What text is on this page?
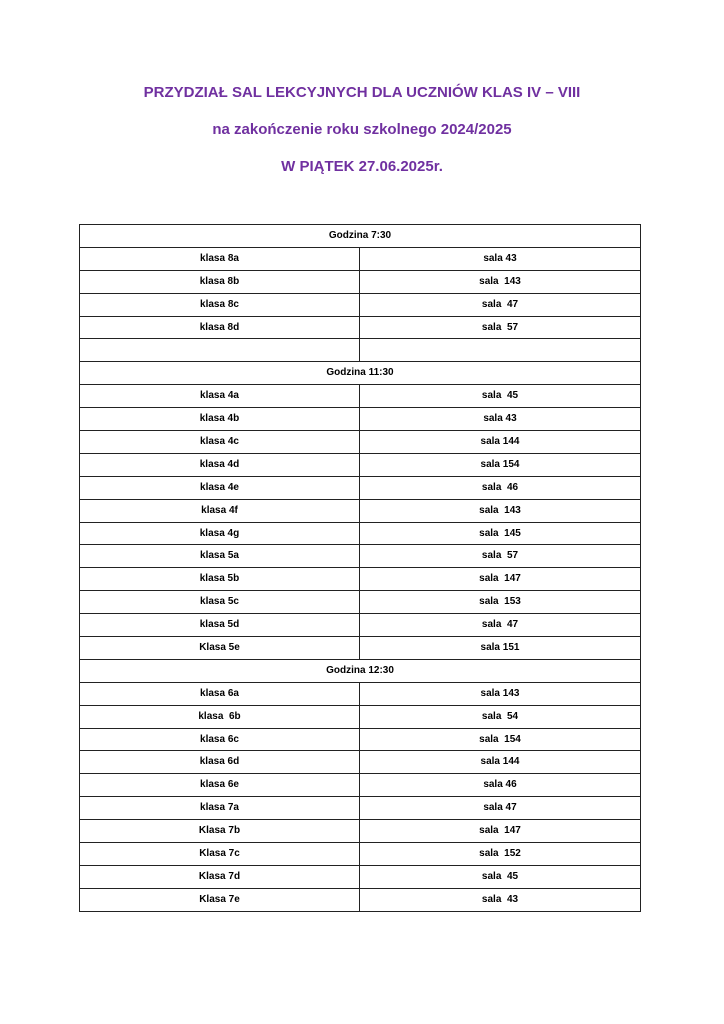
PRZYDZIAŁ SAL LEKCYJNYCH DLA UCZNIÓW KLAS IV – VIII
na zakończenie roku szkolnego 2024/2025
W PIĄTEK 27.06.2025r.
Godzina 7:30	
klasa 8a	sala 43
klasa 8b	sala  143
klasa 8c	sala  47
klasa 8d	sala  57

Godzina 11:30	
klasa 4a	sala  45
klasa 4b	sala 43
klasa 4c	sala 144
klasa 4d	sala 154
klasa 4e	sala  46
klasa 4f	sala  143
klasa 4g	sala  145
klasa 5a	sala  57
klasa 5b	sala  147
klasa 5c	sala  153
klasa 5d	sala  47
Klasa 5e	sala 151
Godzina 12:30	
klasa 6a	sala 143
klasa  6b	sala  54
klasa 6c	sala  154
klasa 6d	sala 144
klasa 6e	sala 46
klasa 7a	sala 47
Klasa 7b	sala  147
Klasa 7c	sala  152
Klasa 7d	sala  45
Klasa 7e	sala  43
